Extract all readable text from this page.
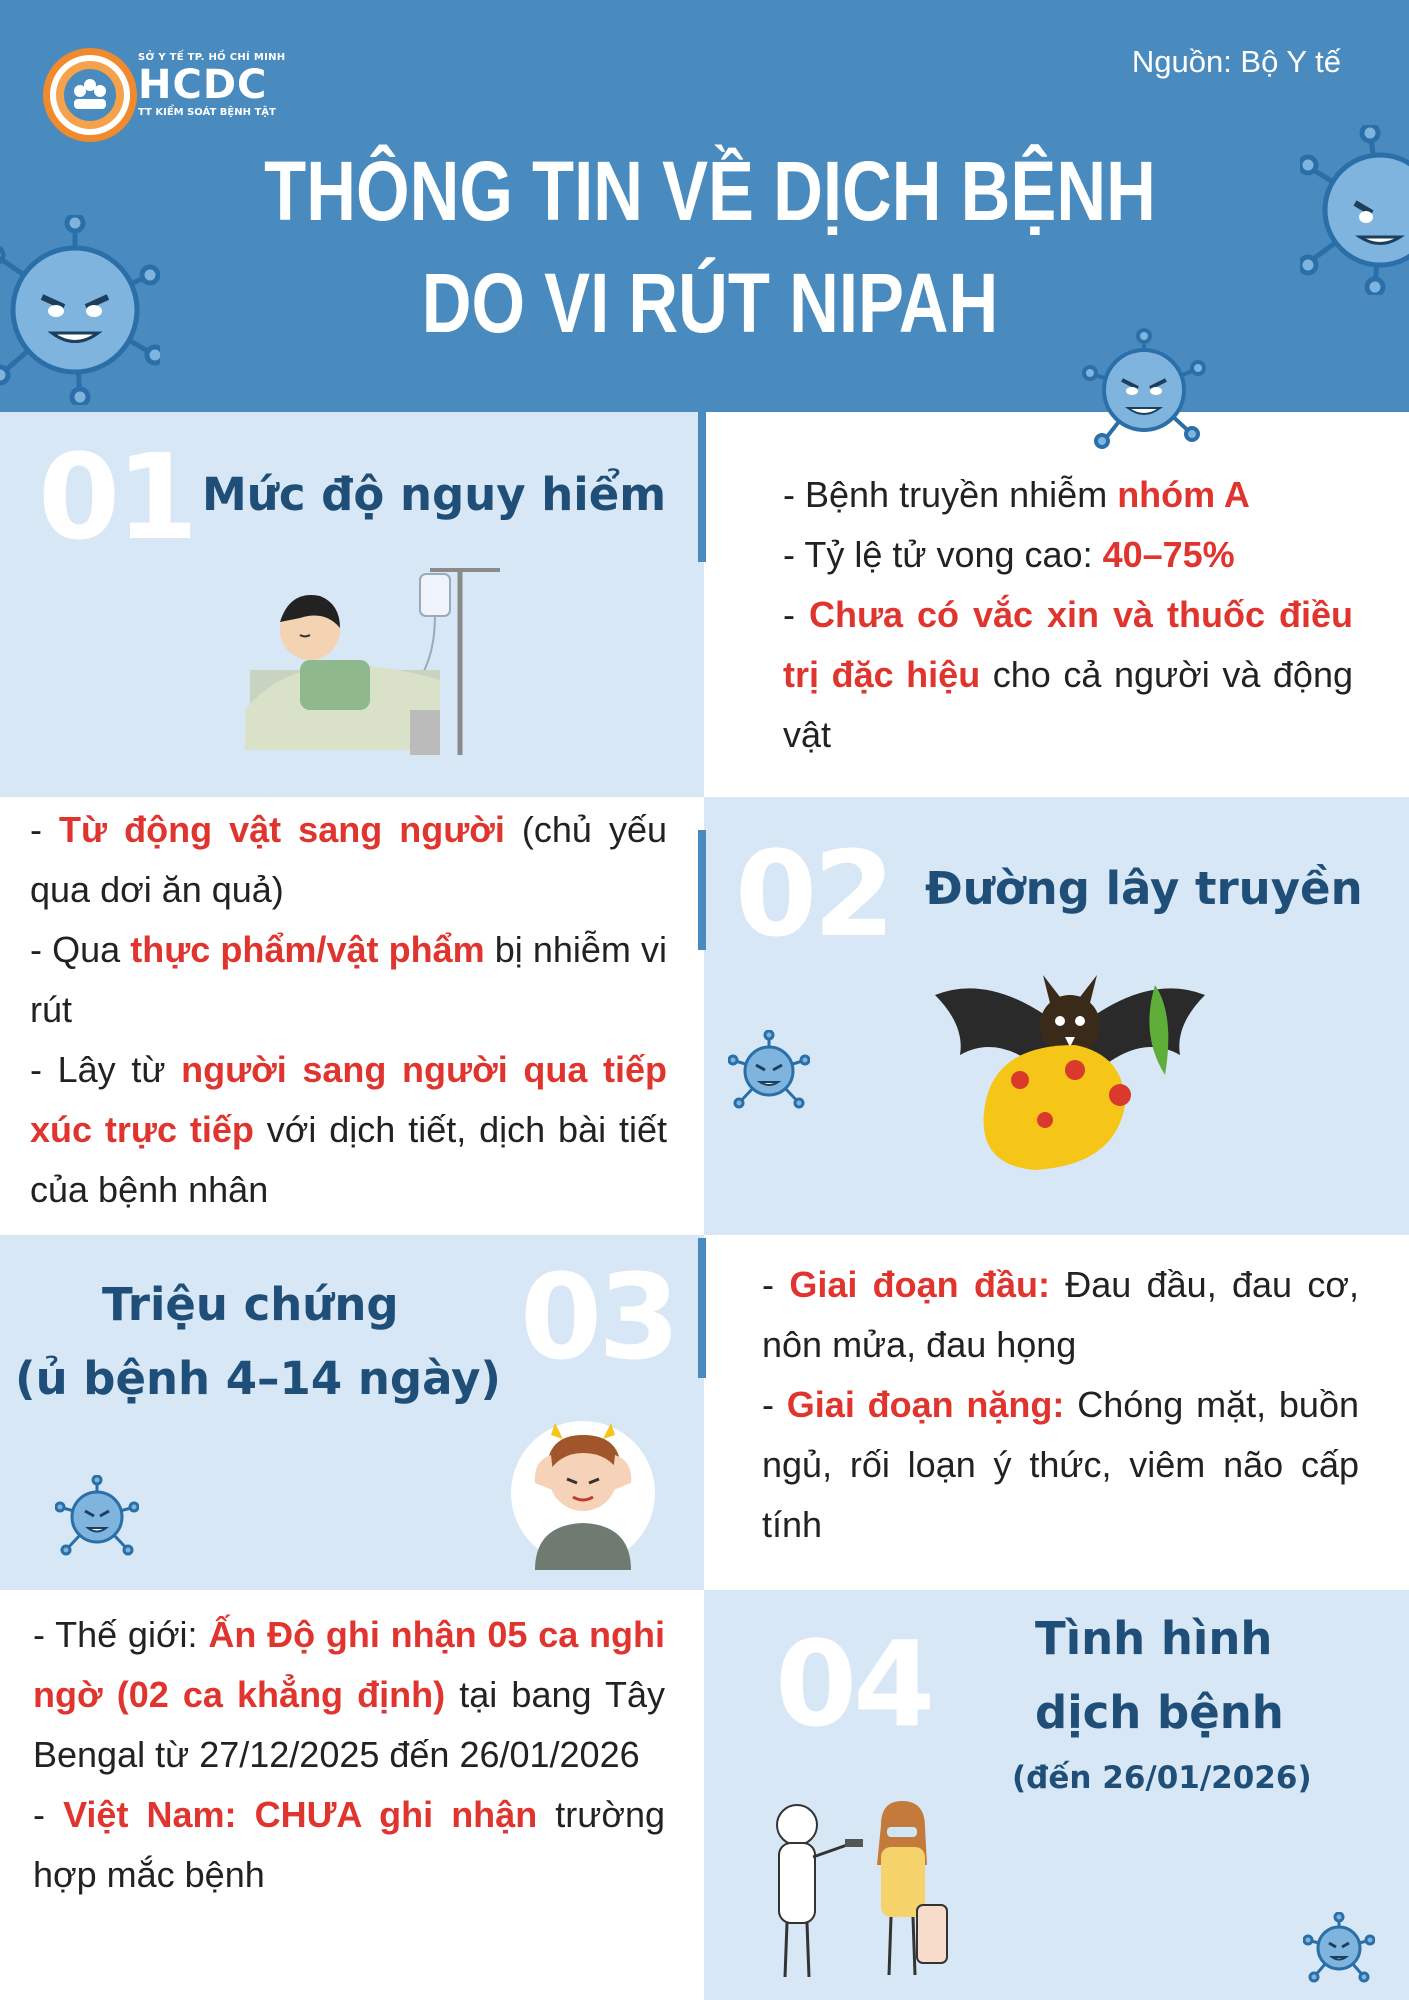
SỞ Y TẾ TP. HỒ CHÍ MINH
HCDC
TT KIỂM SOÁT BỆNH TẬT
Nguồn: Bộ Y tế
THÔNG TIN VỀ DỊCH BỆNH
DO VI RÚT NIPAH
01 Mức độ nguy hiểm	- Bệnh truyền nhiễm nhóm A

- Tỷ lệ tử vong cao: 40–75%

- Chưa có vắc xin và thuốc điều trị đặc hiệu cho cả người và động vật

02 Đường lây truyền

- Từ động vật sang người (chủ yếu qua dơi ăn quả)

- Qua thực phẩm/vật phẩm bị nhiễm vi rút

- Lây từ người sang người qua tiếp xúc trực tiếp với dịch tiết, dịch bài tiết của bệnh nhân

03
Triệu chứng
(ủ bệnh 4–14 ngày)

- Giai đoạn đầu: Đau đầu, đau cơ, nôn mửa, đau họng

- Giai đoạn nặng: Chóng mặt, buồn ngủ, rối loạn ý thức, viêm não cấp tính

04 Tình hình
dịch bệnh
(đến 26/01/2026)

- Thế giới: Ấn Độ ghi nhận 05 ca nghi ngờ (02 ca khẳng định) tại bang Tây Bengal từ 27/12/2025 đến 26/01/2026

- Việt Nam: CHƯA ghi nhận trường hợp mắc bệnh
